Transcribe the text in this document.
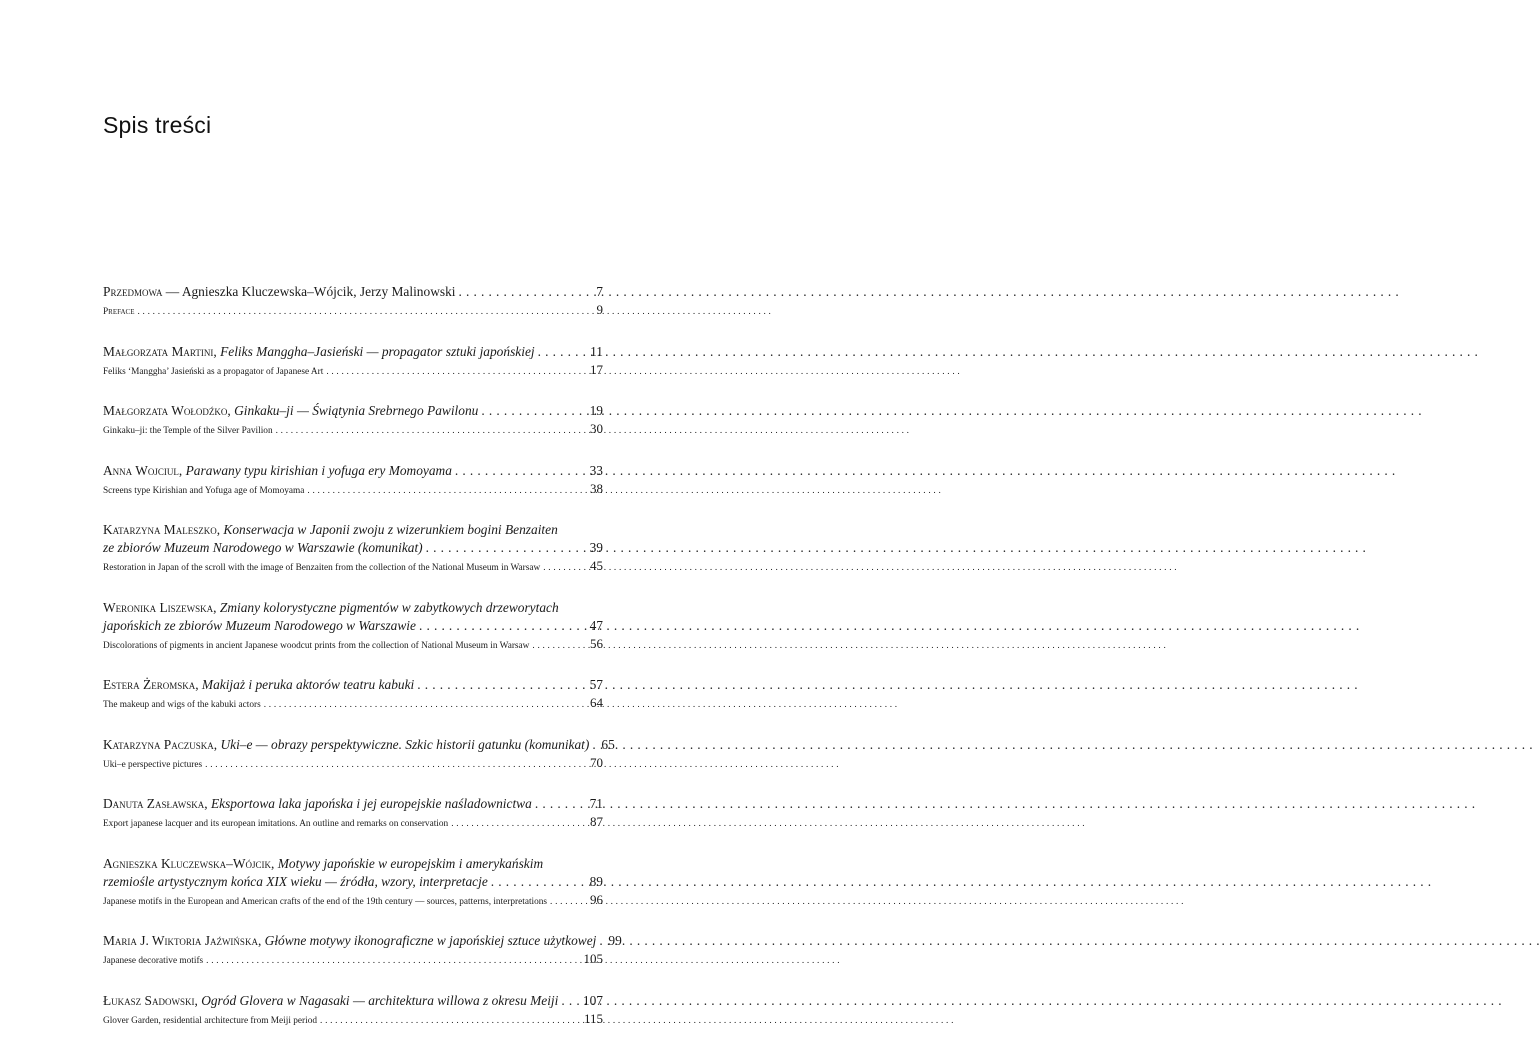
Spis treści
Przedmowa — Agnieszka Kluczewska–Wójcik, Jerzy Malinowski . . .	7
Preface . . .	9
Małgorzata Martini, Feliks Manggha–Jasieński — propagator sztuki japońskiej . . .	11
Feliks ‘Manggha’ Jasieński as a propagator of Japanese Art . . .	17
Małgorzata Wołodźko, Ginkaku–ji — Świątynia Srebrnego Pawilonu . . .	19
Ginkaku–ji: the Temple of the Silver Pavilion . . .	30
Anna Wojciul, Parawany typu kirishian i yofuga ery Momoyama . . .	33
Screens type Kirishian and Yofuga age of Momoyama . . .	38
Katarzyna Maleszko, Konserwacja w Japonii zwoju z wizerunkiem bogini Benzaiten
ze zbiorów Muzeum Narodowego w Warszawie (komunikat) . . .	39
Restoration in Japan of the scroll with the image of Benzaiten from the collection of the National Museum in Warsaw . . .	45
Weronika Liszewska, Zmiany kolorystyczne pigmentów w zabytkowych drzeworytach
japońskich ze zbiorów Muzeum Narodowego w Warszawie . . .	47
Discolorations of pigments in ancient Japanese woodcut prints from the collection of National Museum in Warsaw . . .	56
Estera Żeromska, Makijaż i peruka aktorów teatru kabuki . . .	57
The makeup and wigs of the kabuki actors . . .	64
Katarzyna Paczuska, Uki–e — obrazy perspektywiczne. Szkic historii gatunku (komunikat) . . . 65
Uki–e perspective pictures . . .	70
Danuta Zasławska, Eksportowa laka japońska i jej europejskie naśladownictwa . . .	71
Export japanese lacquer and its european imitations. An outline and remarks on conservation . . .	87
Agnieszka Kluczewska–Wójcik, Motywy japońskie w europejskim i amerykańskim
rzemiośle artystycznym końca XIX wieku — źródła, wzory, interpretacje . . .	89
Japanese motifs in the European and American crafts of the end of the 19th century — sources, patterns, interpretations . . .	96
Maria J. Wiktoria Jaźwińska, Główne motywy ikonograficzne w japońskiej sztuce użytkowej . . . 99
Japanese decorative motifs . . .	105
Łukasz Sadowski, Ogród Glovera w Nagasaki — architektura willowa z okresu Meiji . . . 107
Glover Garden, residential architecture from Meiji period . . .	115
